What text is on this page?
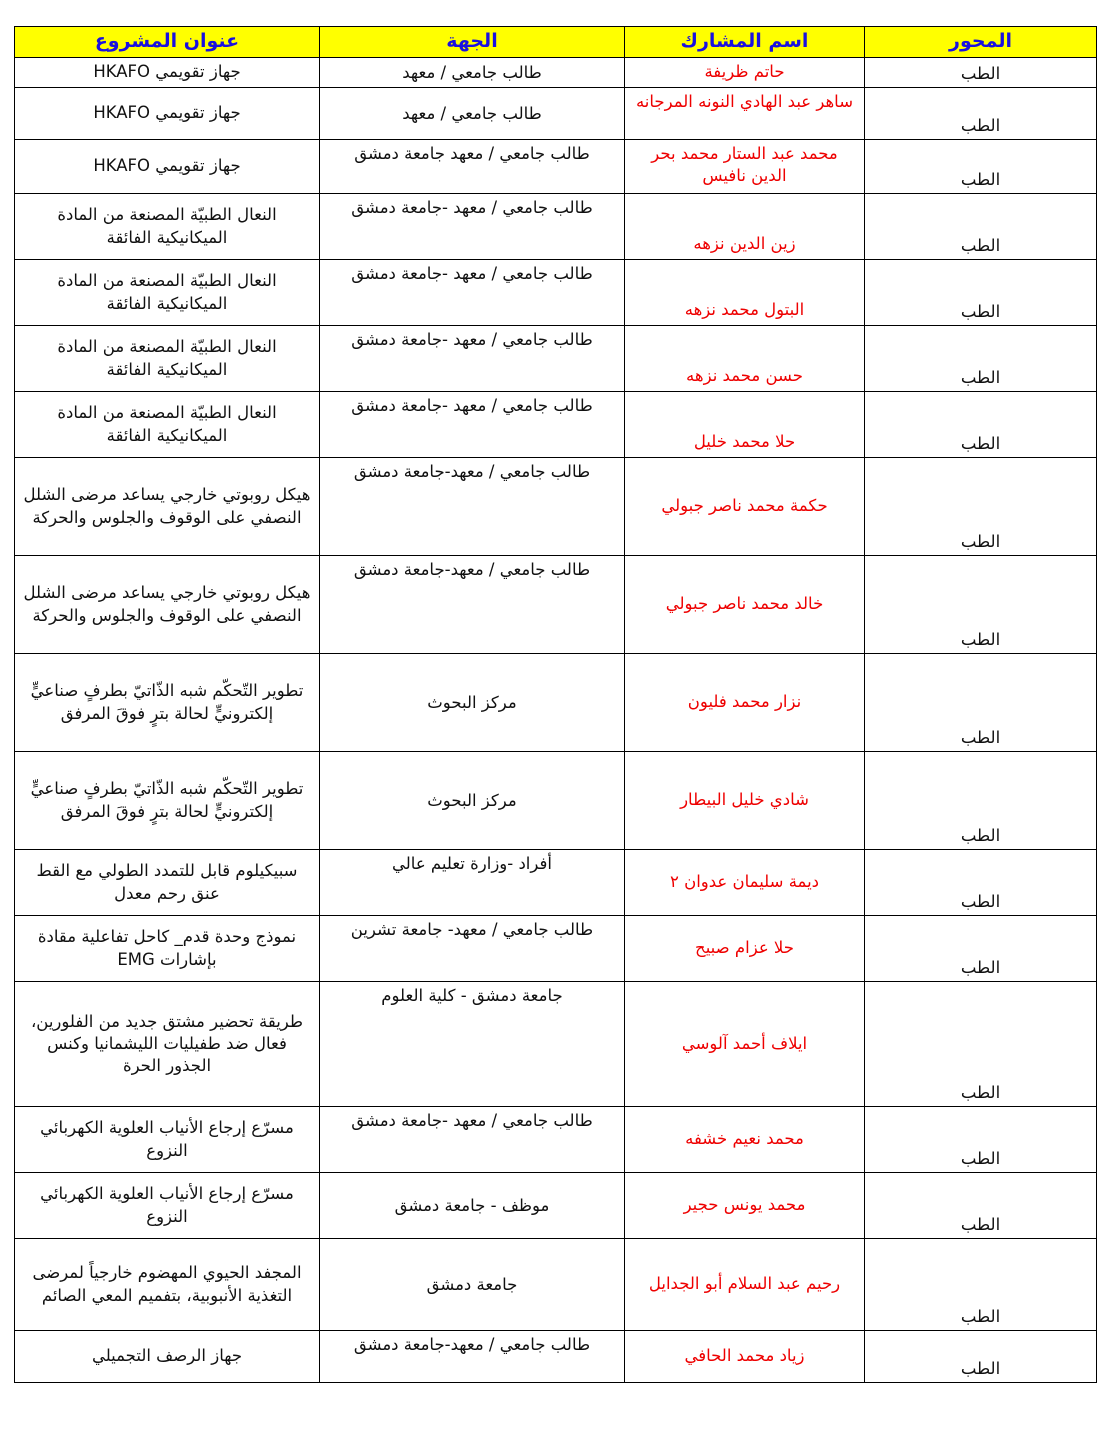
عنوان المشروع	الجهة	اسم المشارك	المحور
جهاز تقويمي HKAFO	طالب جامعي / معهد	حاتم ظريفة	الطب
جهاز تقويمي HKAFO	طالب جامعي / معهد	ساهر عبد الهادي النونه المرجانه	الطب
جهاز تقويمي HKAFO	طالب جامعي / معهد جامعة دمشق	محمد عبد الستار محمد بحر الدين نافيس	الطب
النعال الطبيّة المصنعة من المادة الميكانيكية الفائقة	طالب جامعي / معهد -جامعة دمشق	زين الدين نزهه	الطب
النعال الطبيّة المصنعة من المادة الميكانيكية الفائقة	طالب جامعي / معهد -جامعة دمشق	البتول محمد نزهه	الطب
النعال الطبيّة المصنعة من المادة الميكانيكية الفائقة	طالب جامعي / معهد -جامعة دمشق	حسن محمد نزهه	الطب
النعال الطبيّة المصنعة من المادة الميكانيكية الفائقة	طالب جامعي / معهد -جامعة دمشق	حلا محمد خليل	الطب
هيكل روبوتي خارجي يساعد مرضى الشلل النصفي على الوقوف والجلوس والحركة	طالب جامعي / معهد-جامعة دمشق	حكمة محمد ناصر جبولي	الطب
هيكل روبوتي خارجي يساعد مرضى الشلل النصفي على الوقوف والجلوس والحركة	طالب جامعي / معهد-جامعة دمشق	خالد محمد ناصر جبولي	الطب
تطوير التّحكّم شبه الذّاتيّ بطرفٍ صناعيٍّ إلكترونيٍّ لحالة بترٍ فوقَ المرفق	مركز البحوث	نزار محمد فليون	الطب
تطوير التّحكّم شبه الذّاتيّ بطرفٍ صناعيٍّ إلكترونيٍّ لحالة بترٍ فوقَ المرفق	مركز البحوث	شادي خليل البيطار	الطب
سبيكيلوم قابل للتمدد الطولي مع القط عنق رحم معدل	أفراد -وزارة تعليم عالي	ديمة سليمان عدوان ٢	الطب
نموذج وحدة قدم_ كاحل تفاعلية مقادة بإشارات EMG	طالب جامعي / معهد- جامعة تشرين	حلا عزام صبيح	الطب
طريقة تحضير مشتق جديد من الفلورين، فعال ضد طفيليات الليشمانيا وكنس الجذور الحرة	جامعة دمشق - كلية العلوم	ايلاف أحمد آلوسي	الطب
مسرّع إرجاع الأنياب العلوية الكهربائي النزوع	طالب جامعي / معهد -جامعة دمشق	محمد نعيم خشفه	الطب
مسرّع إرجاع الأنياب العلوية الكهربائي النزوع	موظف - جامعة دمشق	محمد يونس حجير	الطب
المجفد الحيوي المهضوم خارجياً لمرضى التغذية الأنبوبية، بتفميم المعي الصائم	جامعة دمشق	رحيم عبد السلام أبو الجدايل	الطب
جهاز الرصف التجميلي	طالب جامعي / معهد-جامعة دمشق	زياد محمد الحافي	الطب
